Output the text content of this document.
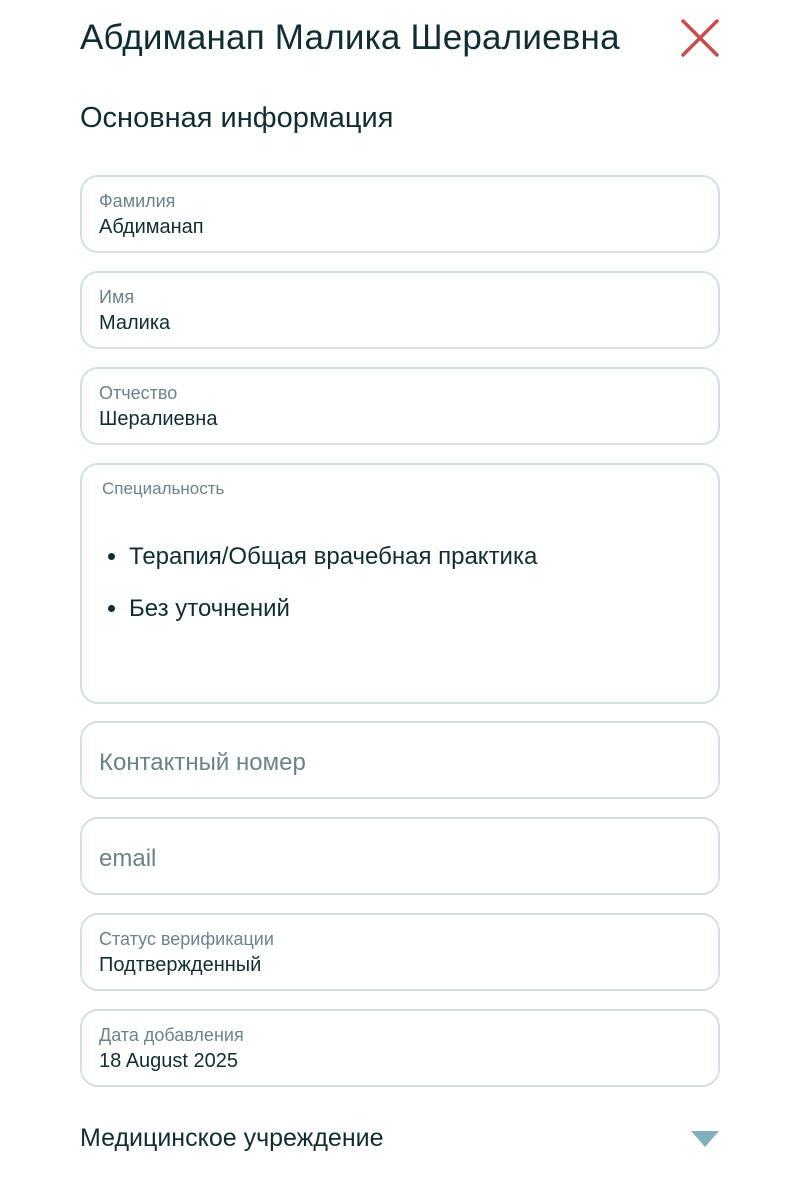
Абдиманап Малика Шералиевна
Основная информация
Фамилия
Абдиманап
Имя
Малика
Отчество
Шералиевна
Специальность
• Терапия/Общая врачебная практика
• Без уточнений
Контактный номер
email
Статус верификации
Подтвержденный
Дата добавления
18 August 2025
Медицинское учреждение
